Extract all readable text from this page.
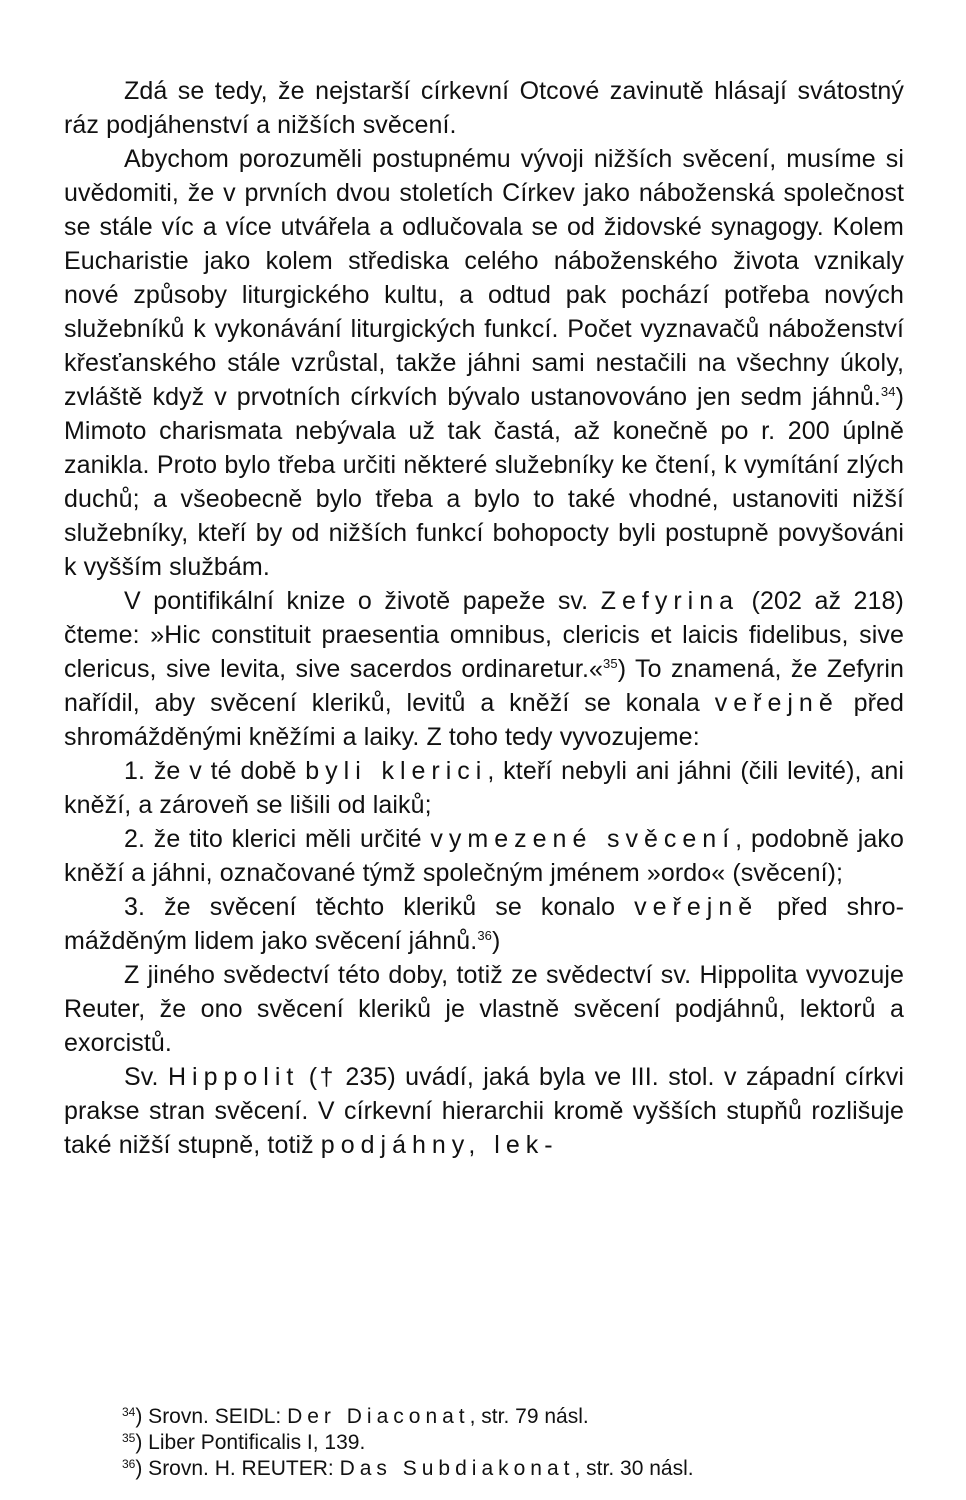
Zdá se tedy, že nejstarší církevní Otcové zavinutě hlásají svátostný ráz podjáhenství a nižších svěcení.

Abychom porozuměli postupnému vývoji nižších svěcení, musíme si uvědomiti, že v prvních dvou stoletích Církev jako náboženská společnost se stále víc a více utvářela a odlučovala se od židovské synagogy. Kolem Eucharistie jako kolem střediska celého náboženského života vznikaly nové způsoby liturgického kultu, a odtud pak pochází potřeba nových služebníků k vykonávání liturgických funkcí. Počet vyznavačů náboženství křesťanského stále vzrůstal, takže jáhni sami nestačili na všechny úkoly, zvláště když v prvotních církvích bývalo ustanovováno jen sedm jáhnů.$^{34}$) Mimoto charismata nebývala už tak častá, až konečně po r. 200 úplně zanikla. Proto bylo třeba určiti některé služebníky ke čtení, k vymítání zlých duchů; a všeobecně bylo třeba a bylo to také vhodné, ustanoviti nižší služebníky, kteří by od nižších funkcí bohopocty byli postupně povyšováni k vyšším službám.

V pontifikální knize o životě papeže sv. Zefyrina (202 až 218) čteme: »Hic constituit praesentia omnibus, clericis et laicis fidelibus, sive clericus, sive levita, sive sacerdos ordinaretur.«$^{35}$) To znamená, že Zefyrin nařídil, aby svěcení kleriků, levitů a kněží se konala veřejně před shromážděnými kněžími a laiky. Z toho tedy vyvozujeme:

1. že v té době byli klerici, kteří nebyli ani jáhni (čili levité), ani kněží, a zároveň se lišili od laiků;

2. že tito klerici měli určité vymezené svěcení, podobně jako kněží a jáhni, označované týmž společným jménem »ordo« (svěcení);

3. že svěcení těchto kleriků se konalo veřejně před shromážděným lidem jako svěcení jáhnů.$^{36}$)

Z jiného svědectví této doby, totiž ze svědectví sv. Hippolita vyvozuje Reuter, že ono svěcení kleriků je vlastně svěcení podjáhnů, lektorů a exorcistů.

Sv. Hippolit († 235) uvádí, jaká byla ve III. stol. v západní církvi prakse stran svěcení. V církevní hierarchii kromě vyšších stupňů rozlišuje také nižší stupně, totiž podjáhny, lek-

$^{34}$) Srovn. SEIDL: Der Diaconat, str. 79 násl.

$^{35}$) Liber Pontificalis I, 139.

$^{36}$) Srovn. H. REUTER: Das Subdiakonat, str. 30 násl.
